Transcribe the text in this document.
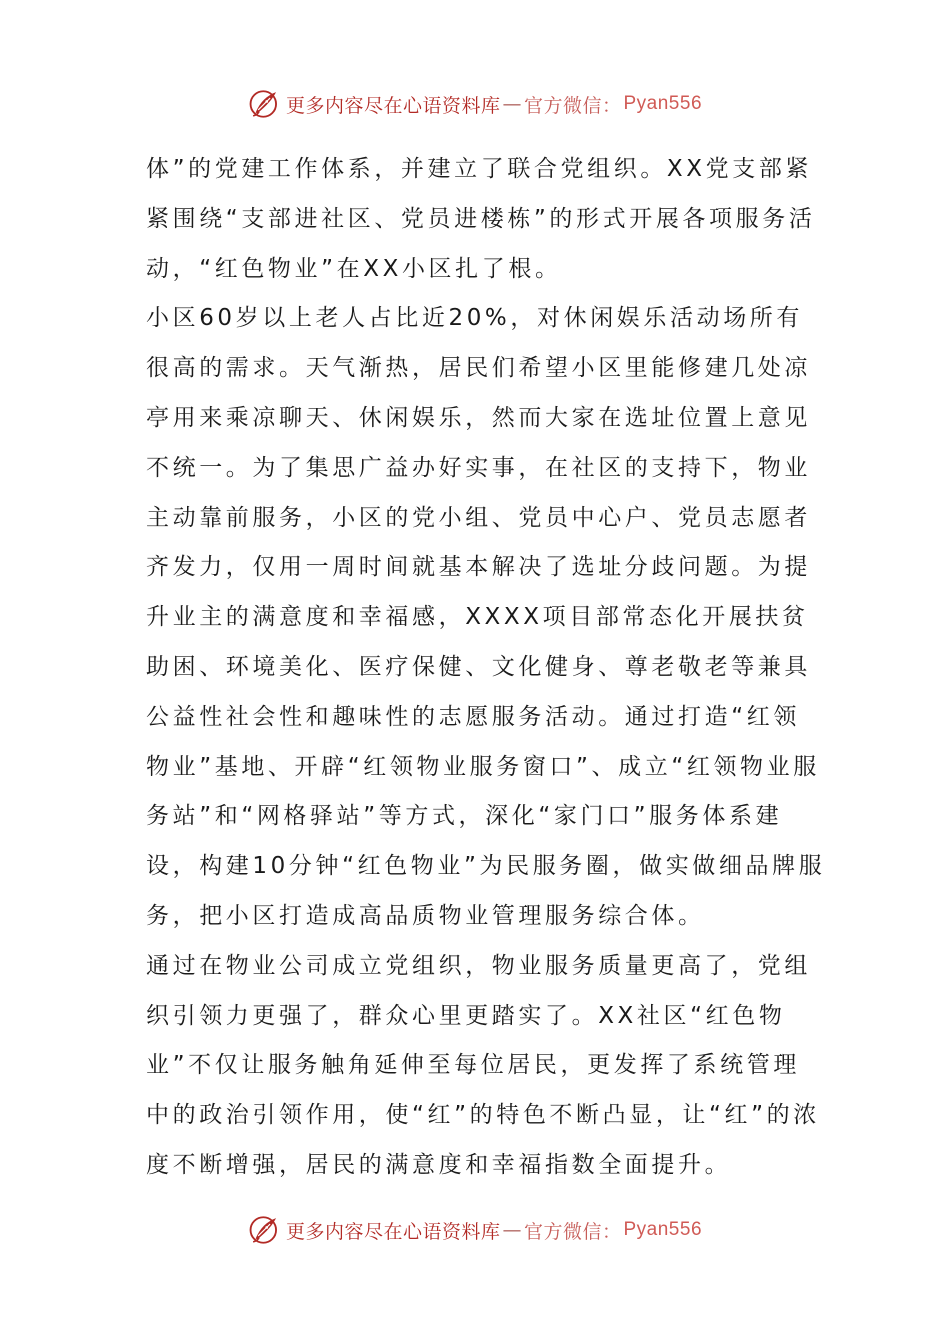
更多内容尽在心语资料库 — 官方微信： Pyan556

体”的党建工作体系，并建立了联合党组织。XX党支部紧紧围绕“支部进社区、党员进楼栋”的形式开展各项服务活动，“红色物业”在XX小区扎了根。

小区60岁以上老人占比近20%，对休闲娱乐活动场所有很高的需求。天气渐热，居民们希望小区里能修建几处凉亭用来乘凉聊天、休闲娱乐，然而大家在选址位置上意见不统一。为了集思广益办好实事，在社区的支持下，物业主动靠前服务，小区的党小组、党员中心户、党员志愿者齐发力，仅用一周时间就基本解决了选址分歧问题。为提升业主的满意度和幸福感，XXXX项目部常态化开展扶贫助困、环境美化、医疗保健、文化健身、尊老敬老等兼具公益性社会性和趣味性的志愿服务活动。通过打造“红领物业”基地、开辟“红领物业服务窗口”、成立“红领物业服务站”和“网格驿站”等方式，深化“家门口”服务体系建设，构建10分钟“红色物业”为民服务圈，做实做细品牌服务，把小区打造成高品质物业管理服务综合体。

通过在物业公司成立党组织，物业服务质量更高了，党组织引领力更强了，群众心里更踏实了。XX社区“红色物业”不仅让服务触角延伸至每位居民，更发挥了系统管理中的政治引领作用，使“红”的特色不断凸显，让“红”的浓度不断增强，居民的满意度和幸福指数全面提升。

更多内容尽在心语资料库 — 官方微信： Pyan556
